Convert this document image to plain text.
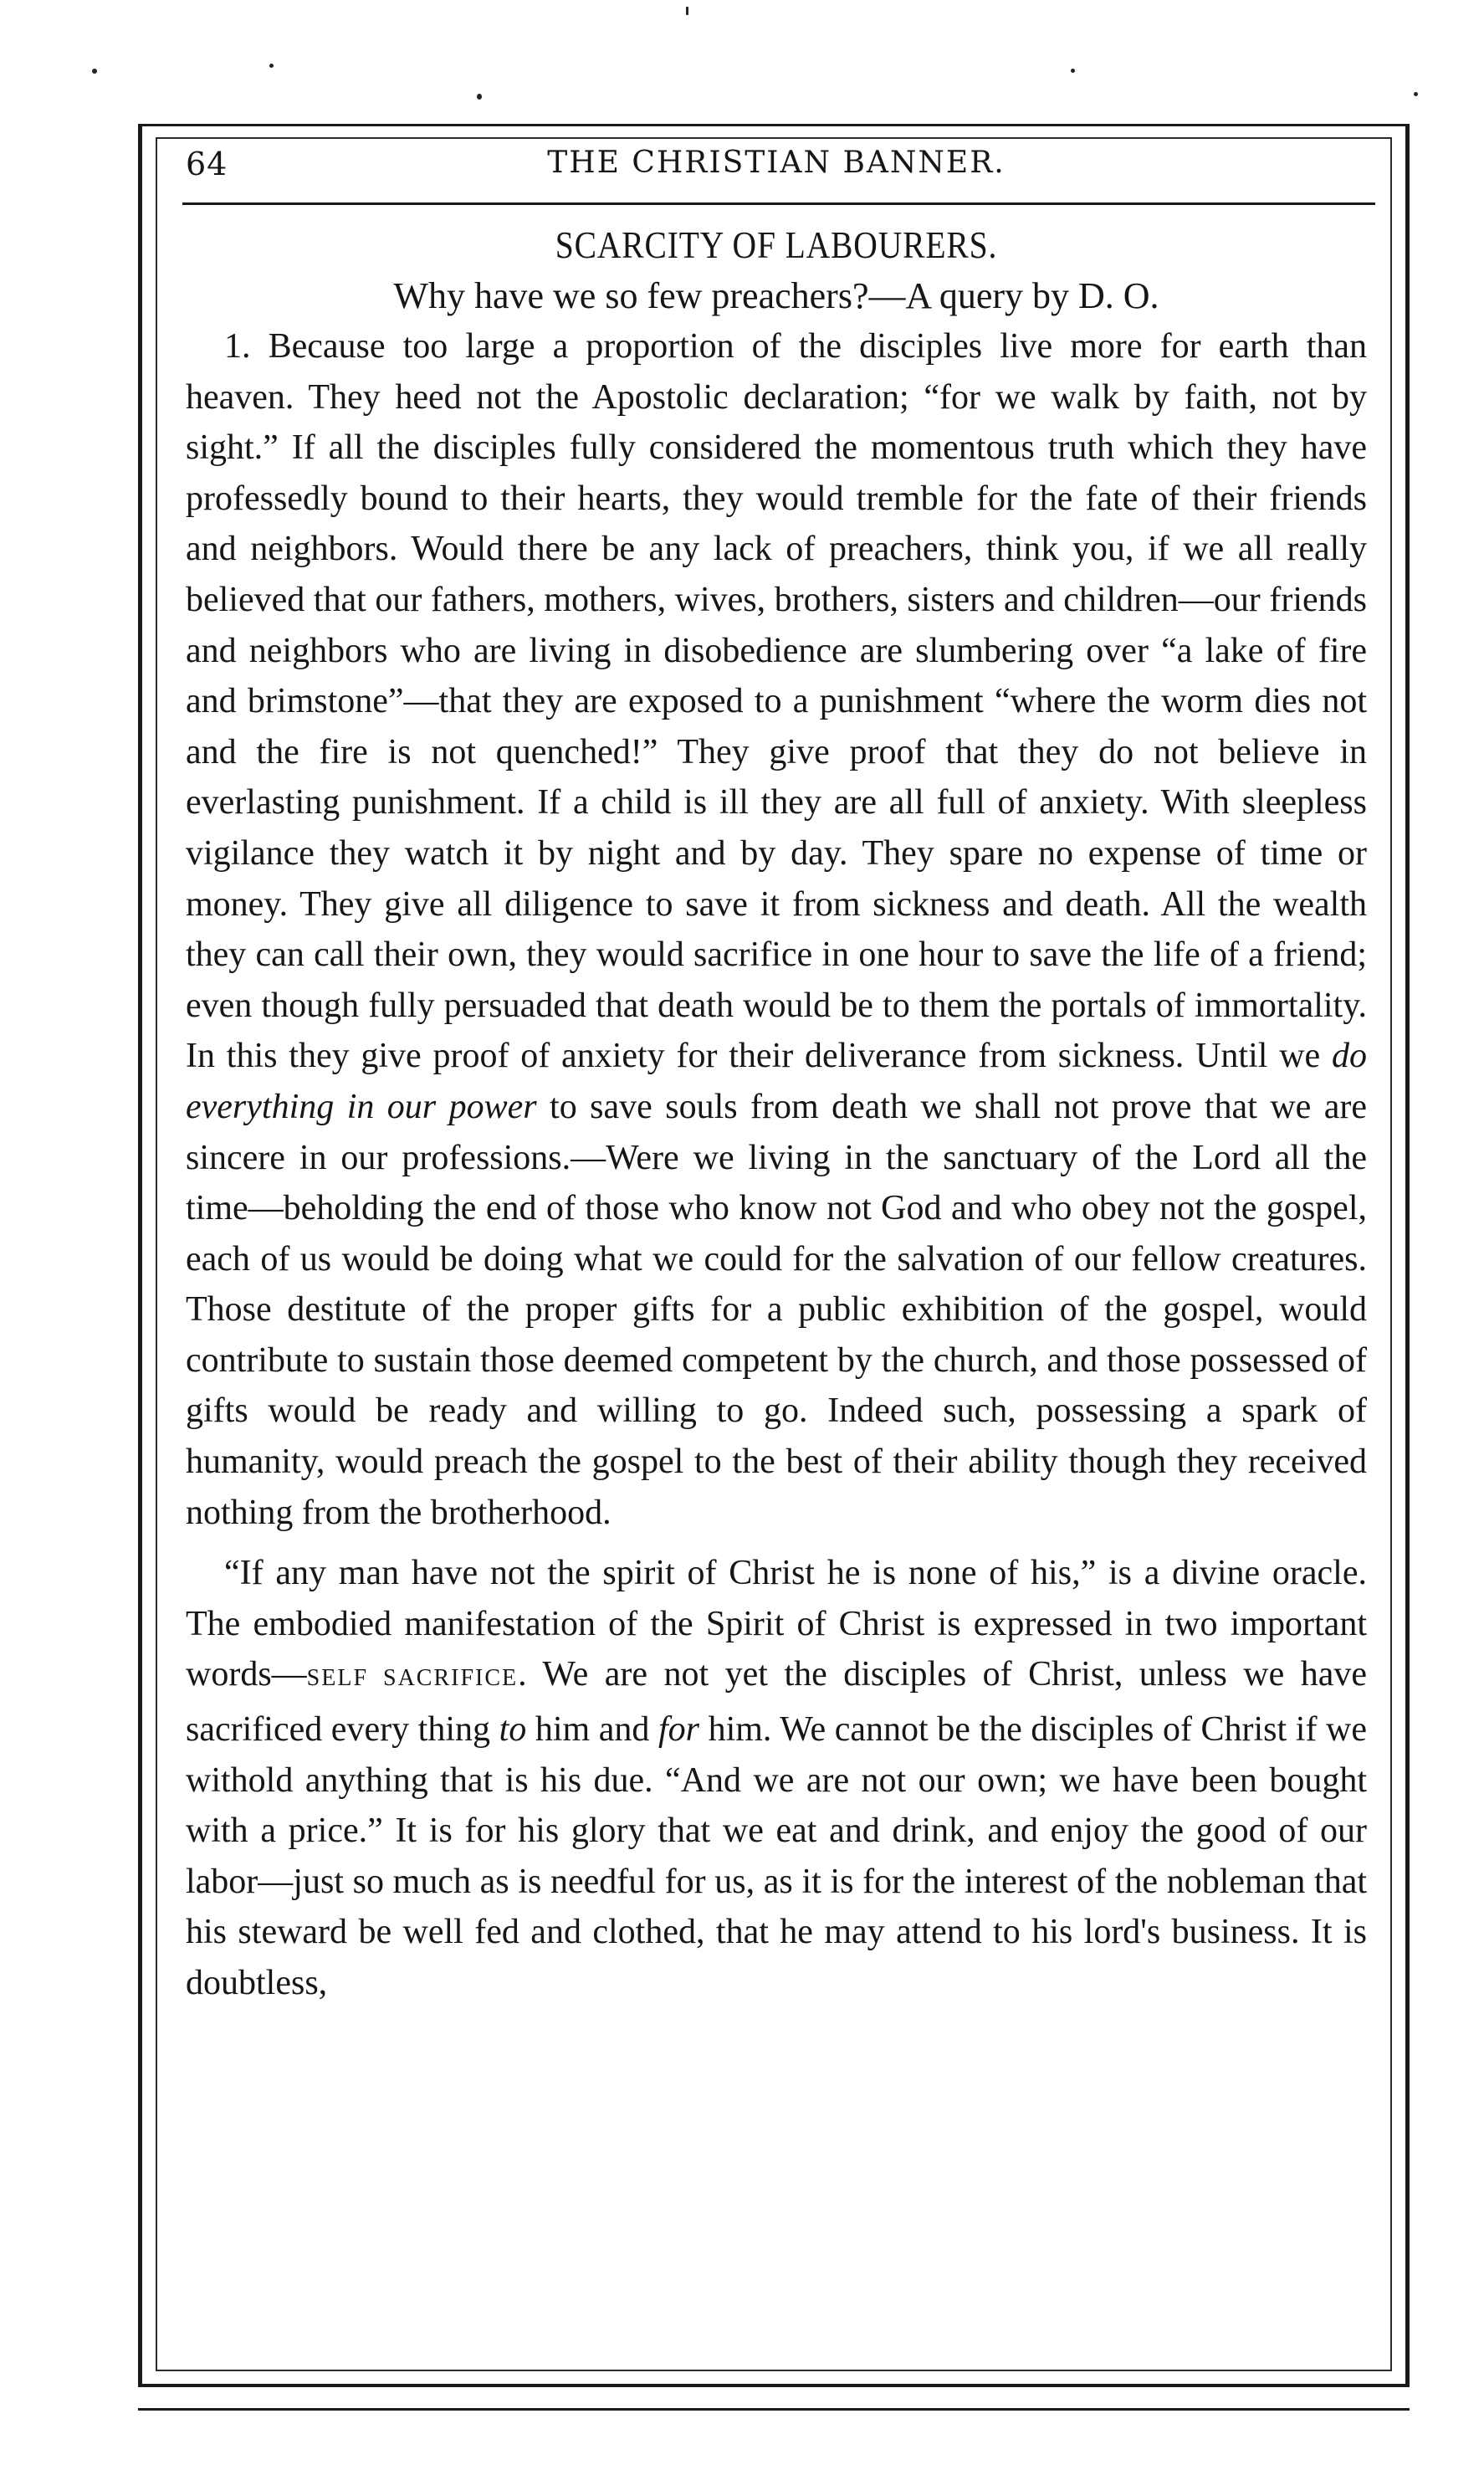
64	THE CHRISTIAN BANNER.
SCARCITY OF LABOURERS.

Why have we so few preachers?—A query by D. O.

1. Because too large a proportion of the disciples live more for earth than heaven. They heed not the Apostolic declaration; “for we walk by faith, not by sight.” If all the disciples fully considered the momentous truth which they have professedly bound to their hearts, they would tremble for the fate of their friends and neighbors. Would there be any lack of preachers, think you, if we all really believed that our fathers, mothers, wives, brothers, sisters and children—our friends and neighbors who are living in disobedience are slumbering over “a lake of fire and brimstone”—that they are exposed to a punishment “where the worm dies not and the fire is not quenched!” They give proof that they do not believe in everlasting punishment. If a child is ill they are all full of anxiety. With sleepless vigilance they watch it by night and by day. They spare no expense of time or money. They give all diligence to save it from sickness and death. All the wealth they can call their own, they would sacrifice in one hour to save the life of a friend; even though fully persuaded that death would be to them the portals of immortality. In this they give proof of anxiety for their deliverance from sickness. Until we do everything in our power to save souls from death we shall not prove that we are sincere in our professions.—Were we living in the sanctuary of the Lord all the time—beholding the end of those who know not God and who obey not the gospel, each of us would be doing what we could for the salvation of our fellow creatures. Those destitute of the proper gifts for a public exhibition of the gospel, would contribute to sustain those deemed competent by the church, and those possessed of gifts would be ready and willing to go. Indeed such, possessing a spark of humanity, would preach the gospel to the best of their ability though they received nothing from the brotherhood.

“If any man have not the spirit of Christ he is none of his,” is a divine oracle. The embodied manifestation of the Spirit of Christ is expressed in two important words—SELF SACRIFICE. We are not yet the disciples of Christ, unless we have sacrificed every thing to him and for him. We cannot be the disciples of Christ if we withold anything that is his due. “And we are not our own; we have been bought with a price.” It is for his glory that we eat and drink, and enjoy the good of our labor—just so much as is needful for us, as it is for the interest of the nobleman that his steward be well fed and clothed, that he may attend to his lord's business. It is doubtless,
